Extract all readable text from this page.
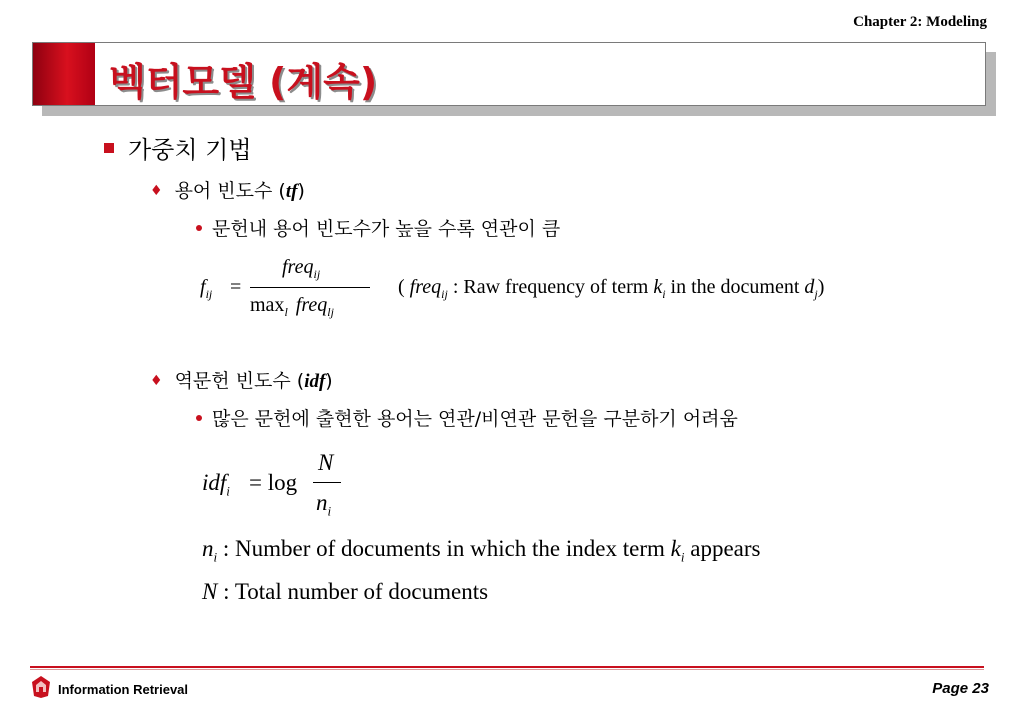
Chapter 2: Modeling
벡터모델 (계속)
가중치 기법
♦ 용어 빈도수 (tf)
문헌내 용어 빈도수가 높을 수록 연관이 큼
$f_{ij}$ =
freq$_{ij}$
$\max_l$ freq$_{lj}$
( freq$_{ij}$ : Raw frequency of term $k_i$ in the document $d_j$)
♦ 역문헌 빈도수 (idf)
많은 문헌에 출현한 용어는 연관/비연관 문헌을 구분하기 어려움
idf$_i$ = log
N
$n_i$
$n_i$ : Number of documents in which the index term $k_i$ appears
N : Total number of documents
Information Retrieval	Page 23
